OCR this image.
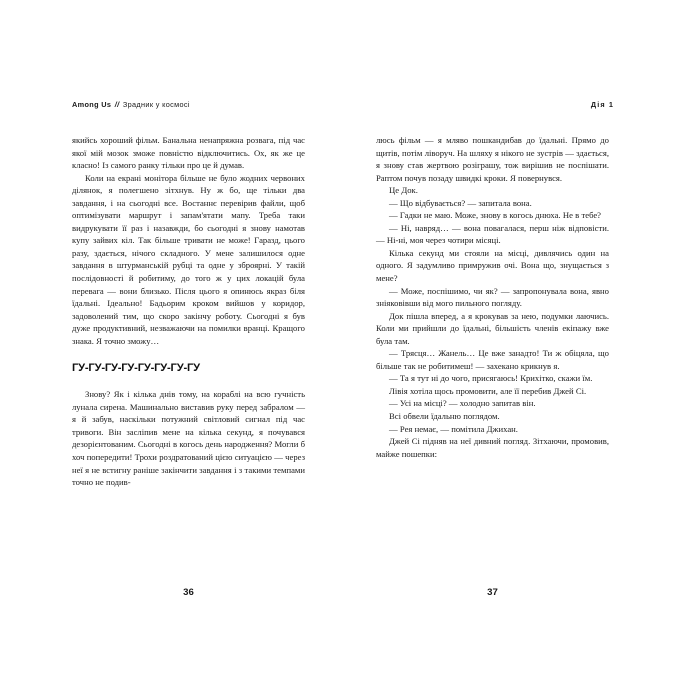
Among Us // Зрадник у космосі

якийсь хороший фільм. Банальна ненапряжна розвага, під час якої мій мозок зможе повністю відключитись. Ох, як же це класно! Із самого ранку тільки про це й думав.

Коли на екрані монітора більше не було жодних червоних ділянок, я полегшено зітхнув. Ну ж бо, ще тільки два завдання, і на сьогодні все. Востаннє перевірив файли, щоб оптимізувати маршрут і запам'ятати мапу. Треба таки видрукувати її раз і назавжди, бо сьогодні я знову намотав купу зайвих кіл. Так більше тривати не може! Гаразд, цього разу, здається, нічого складного. У мене залишилося одне завдання в штурманській рубці та одне у зброярні. У такій послідовності й робитиму, до того ж у цих локацій була перевага — вони близько. Після цього я опинюсь якраз біля їдальні. Ідеально! Бадьорим кроком вийшов у коридор, задоволений тим, що скоро закінчу роботу. Сьогодні я був дуже продуктивний, незважаючи на помилки вранці. Кращого знака. Я точно зможу…

ГУ-ГУ-ГУ-ГУ-ГУ-ГУ-ГУ-ГУ

Знову? Як і кілька днів тому, на кораблі на всю гучність лунала сирена. Машинально виставив руку перед забралом — я й забув, наскільки потужний світловий сигнал під час тривоги. Він засліпив мене на кілька секунд, я почувався дезорієнтованим. Сьогодні в когось день народження? Могли б хоч попередити! Трохи роздратований цією ситуацією — через неї я не встигну раніше закінчити завдання і з такими темпами точно не подив-

36
Дія 1

люсь фільм — я мляво пошкандибав до їдальні. Прямо до щитів, потім ліворуч. На шляху я нікого не зустрів — здається, я знову став жертвою розіграшу, тож вирішив не поспішати. Раптом почув позаду швидкі кроки. Я повернувся.

Це Док.

— Що відбувається? — запитала вона.

— Гадки не маю. Може, знову в когось днюха. Не в тебе?

— Ні, навряд… — вона повагалася, перш ніж відповісти. — Ні-ні, моя через чотири місяці.

Кілька секунд ми стояли на місці, дивлячись один на одного. Я задумливо примружив очі. Вона що, знущається з мене?

— Може, поспішимо, чи як? — запропонувала вона, явно зніяковівши від мого пильного погляду.

Док пішла вперед, а я крокував за нею, подумки лаючись. Коли ми прийшли до їдальні, більшість членів екіпажу вже була там.

— Трясця… Жанель… Це вже занадто! Ти ж обіцяла, що більше так не робитимеш! — захекано крикнув я.

— Та я тут ні до чого, присягаюсь! Крихітко, скажи їм.

Лівія хотіла щось промовити, але її перебив Джей Сі.

— Усі на місці? — холодно запитав він.

Всі обвели їдальню поглядом.

— Рея немає, — помітила Джихан.

Джей Сі підняв на неї дивний погляд. Зітхаючи, промовив, майже пошепки:

37
